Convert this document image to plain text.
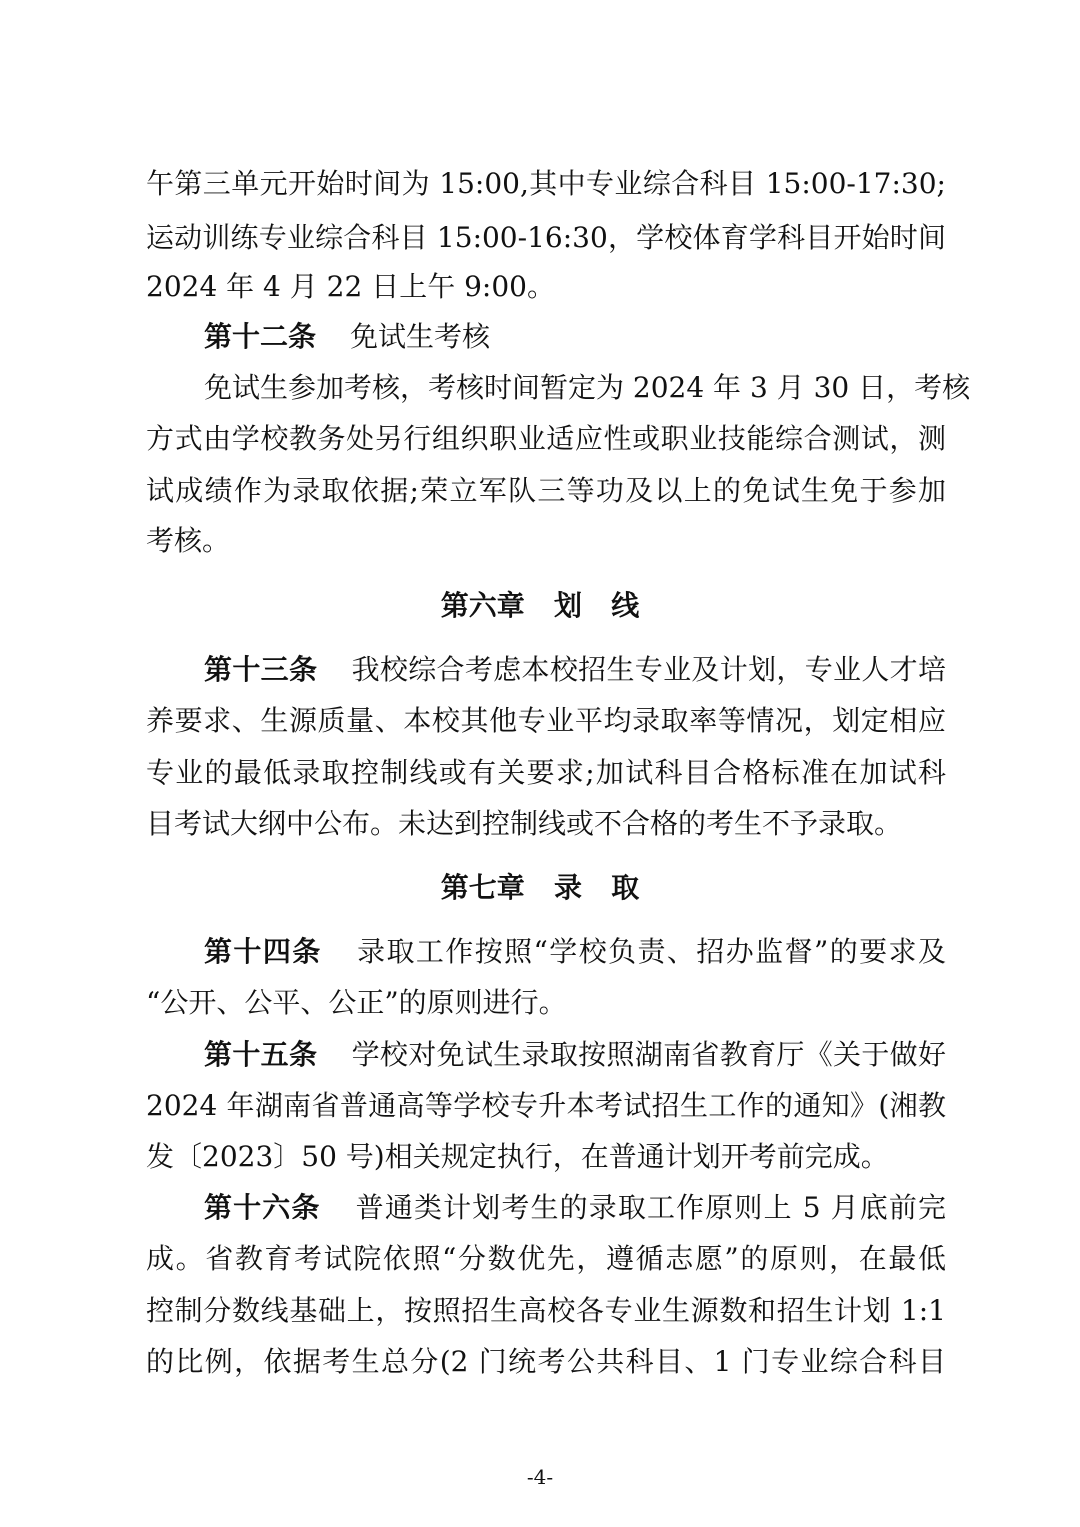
午第三单元开始时间为 15:00,其中专业综合科目 15:00-17:30;
运动训练专业综合科目 15:00-16:30，学校体育学科目开始时间
2024 年 4 月 22 日上午 9:00。
第十二条 免试生考核
免试生参加考核，考核时间暂定为 2024 年 3 月 30 日，考核
方式由学校教务处另行组织职业适应性或职业技能综合测试，测
试成绩作为录取依据;荣立军队三等功及以上的免试生免于参加
考核。
第六章   划   线
第十三条 我校综合考虑本校招生专业及计划，专业人才培
养要求、生源质量、本校其他专业平均录取率等情况，划定相应
专业的最低录取控制线或有关要求;加试科目合格标准在加试科
目考试大纲中公布。未达到控制线或不合格的考生不予录取。
第七章   录   取
第十四条 录取工作按照“学校负责、招办监督”的要求及
“公开、公平、公正”的原则进行。
第十五条 学校对免试生录取按照湖南省教育厅《关于做好
2024 年湖南省普通高等学校专升本考试招生工作的通知》(湘教
发〔2023〕50 号)相关规定执行，在普通计划开考前完成。
第十六条 普通类计划考生的录取工作原则上 5 月底前完
成。省教育考试院依照“分数优先，遵循志愿”的原则，在最低
控制分数线基础上，按照招生高校各专业生源数和招生计划 1:1
的比例，依据考生总分(2 门统考公共科目、1 门专业综合科目
-4-
